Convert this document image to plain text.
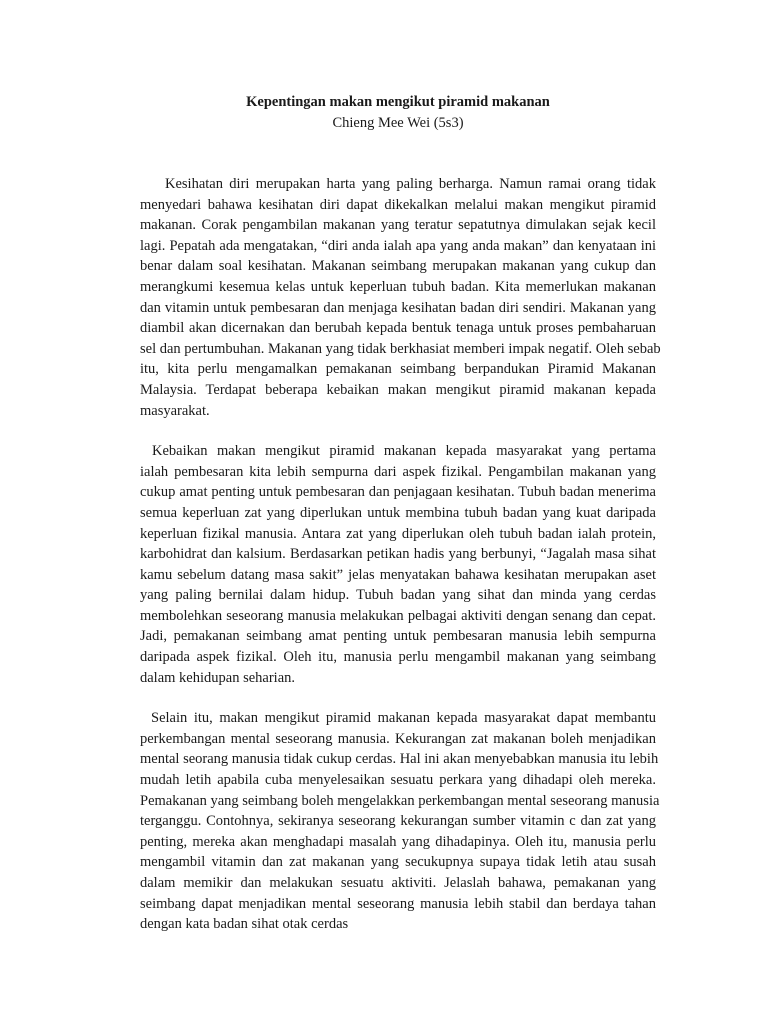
Kepentingan makan mengikut piramid makanan
Chieng Mee Wei (5s3)
Kesihatan diri merupakan harta yang paling berharga. Namun ramai orang tidak
menyedari bahawa kesihatan diri dapat dikekalkan melalui makan mengikut piramid
makanan. Corak pengambilan makanan yang teratur sepatutnya dimulakan sejak kecil
lagi. Pepatah ada mengatakan, “diri anda ialah apa yang anda makan” dan kenyataan ini
benar dalam soal kesihatan. Makanan seimbang merupakan makanan yang cukup dan
merangkumi kesemua kelas untuk keperluan tubuh badan. Kita memerlukan makanan
dan vitamin untuk pembesaran dan menjaga kesihatan badan diri sendiri. Makanan yang
diambil akan dicernakan dan berubah kepada bentuk tenaga untuk proses pembaharuan
sel dan pertumbuhan. Makanan yang tidak berkhasiat memberi impak negatif. Oleh sebab
itu, kita perlu mengamalkan pemakanan seimbang berpandukan Piramid Makanan
Malaysia. Terdapat beberapa kebaikan makan mengikut piramid makanan kepada
masyarakat.
Kebaikan makan mengikut piramid makanan kepada masyarakat yang pertama
ialah pembesaran kita lebih sempurna dari aspek fizikal. Pengambilan makanan yang
cukup amat penting untuk pembesaran dan penjagaan kesihatan. Tubuh badan menerima
semua keperluan zat yang diperlukan untuk membina tubuh badan yang kuat daripada
keperluan fizikal manusia. Antara zat yang diperlukan oleh tubuh badan ialah protein,
karbohidrat dan kalsium. Berdasarkan petikan hadis yang berbunyi, “Jagalah masa sihat
kamu sebelum datang masa sakit” jelas menyatakan bahawa kesihatan merupakan aset
yang paling bernilai dalam hidup. Tubuh badan yang sihat dan minda yang cerdas
membolehkan seseorang manusia melakukan pelbagai aktiviti dengan senang dan cepat.
Jadi, pemakanan seimbang amat penting untuk pembesaran manusia lebih sempurna
daripada aspek fizikal. Oleh itu, manusia perlu mengambil makanan yang seimbang
dalam kehidupan seharian.
Selain itu, makan mengikut piramid makanan kepada masyarakat dapat membantu
perkembangan mental seseorang manusia. Kekurangan zat makanan boleh menjadikan
mental seorang manusia tidak cukup cerdas. Hal ini akan menyebabkan manusia itu lebih
mudah letih apabila cuba menyelesaikan sesuatu perkara yang dihadapi oleh mereka.
Pemakanan yang seimbang boleh mengelakkan perkembangan mental seseorang manusia
terganggu. Contohnya, sekiranya seseorang kekurangan sumber vitamin c dan zat yang
penting, mereka akan menghadapi masalah yang dihadapinya. Oleh itu, manusia perlu
mengambil vitamin dan zat makanan yang secukupnya supaya tidak letih atau susah
dalam memikir dan melakukan sesuatu aktiviti. Jelaslah bahawa, pemakanan yang
seimbang dapat menjadikan mental seseorang manusia lebih stabil dan berdaya tahan
dengan kata badan sihat otak cerdas
